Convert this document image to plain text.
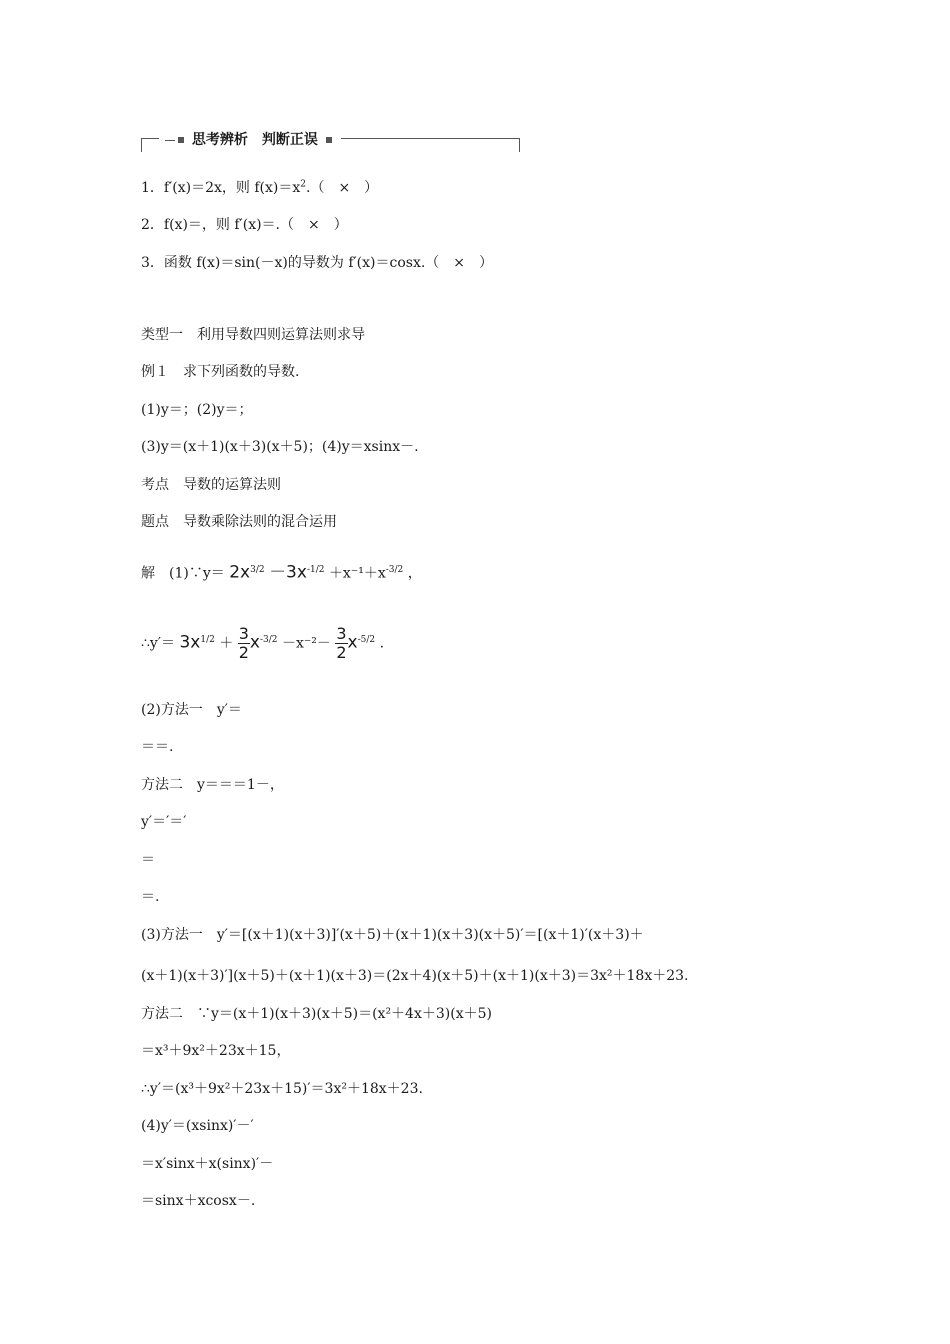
思考辨析　判断正误
1．f′(x)＝2x，则 $f(x)=x^2$.（　×　）
2．f(x)＝，则 f′(x)＝.（　×　）
3．函数 f(x)＝sin(－x)的导数为 f′(x)＝cosx.（　×　）
类型一　利用导数四则运算法则求导
例１　求下列函数的导数.
(1)y＝；(2)y＝；
(3)y＝(x＋1)(x＋3)(x＋5)；(4)y＝xsinx－.
考点　导数的运算法则
题点　导数乘除法则的混合运用
解　(1)∵y＝ $2x^{3/2} -3x^{-1/2} +x^{-1}+x^{-3/2}$ ，
∴y′＝ $3x^{1/2} + \frac{3}{2} x^{-3/2} -x^{-2}- \frac{3}{2} x^{-5/2}$ .
(2)方法一　y′＝
＝＝.
方法二　y＝＝＝1－，
y′＝′＝′
＝
＝.
(3)方法一　y′＝[(x＋1)(x＋3)]′(x＋5)＋(x＋1)(x＋3)(x＋5)′＝[(x＋1)′(x＋3)＋
(x＋1)(x＋3)′](x＋5)＋(x＋1)(x＋3)＝(2x＋4)(x＋5)＋(x＋1)(x＋3)＝3x²＋18x＋23.
方法二　∵y＝(x＋1)(x＋3)(x＋5)＝(x²＋4x＋3)(x＋5)
＝x³＋9x²＋23x＋15，
∴y′＝(x³＋9x²＋23x＋15)′＝3x²＋18x＋23.
(4)y′＝(xsinx)′－′
＝x′sinx＋x(sinx)′－
＝sinx＋xcosx－.
